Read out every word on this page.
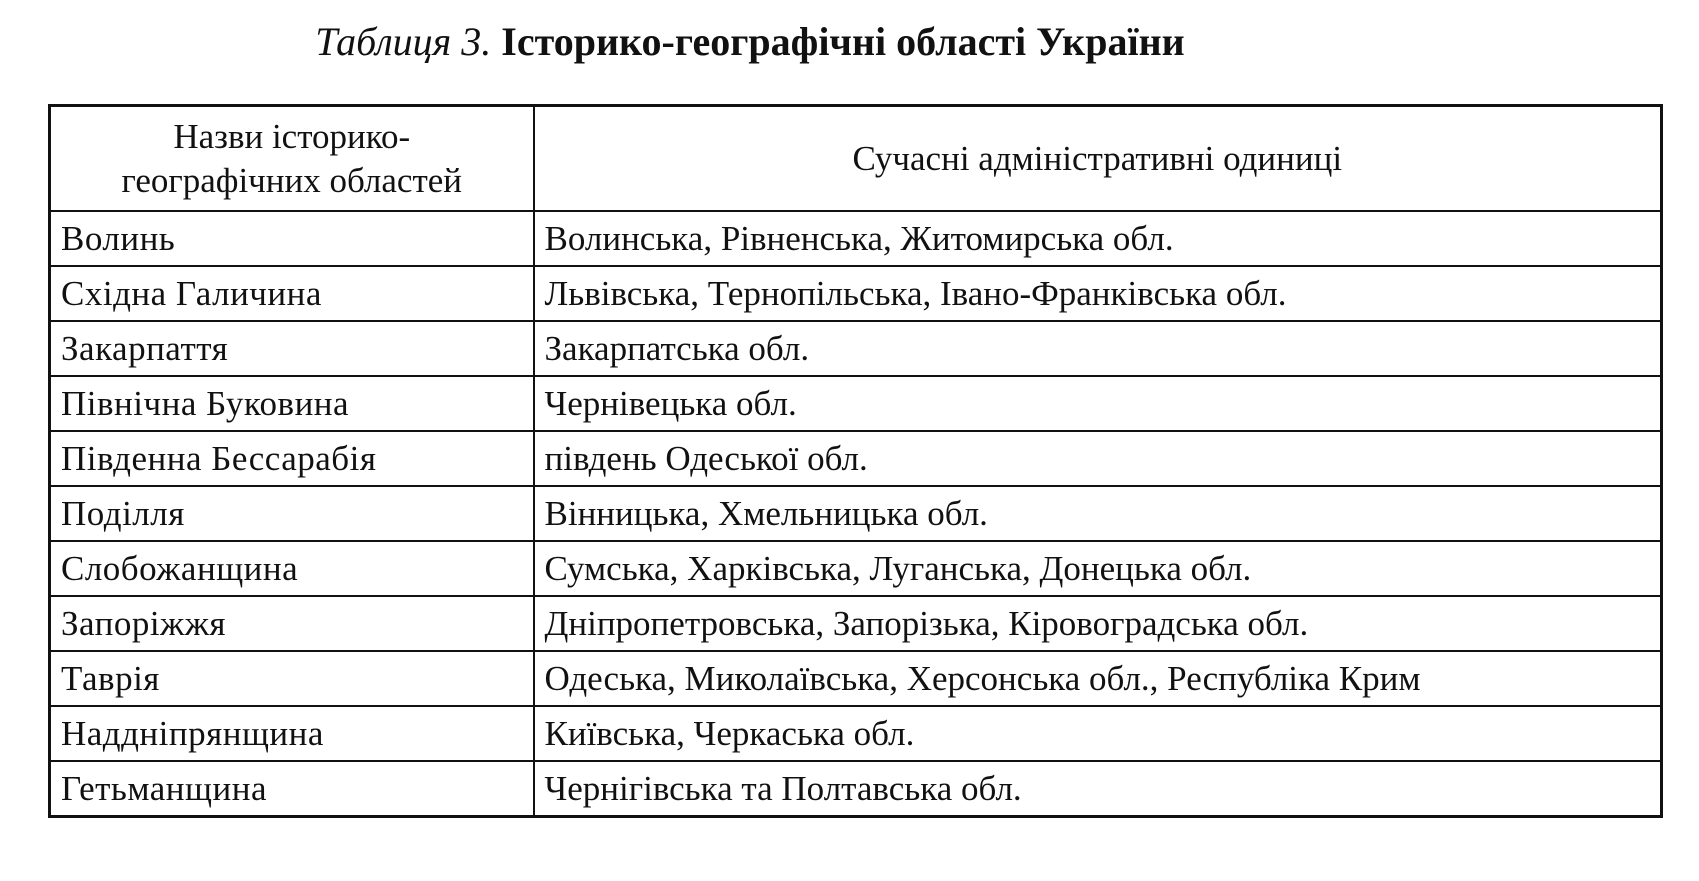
Таблиця 3. Історико-географічні області України
Назви історико-географічних областей	Сучасні адміністративні одиниці
Волинь	Волинська, Рівненська, Житомирська обл.
Східна Галичина	Львівська, Тернопільська, Івано-Франківська обл.
Закарпаття	Закарпатська обл.
Північна Буковина	Чернівецька обл.
Південна Бессарабія	південь Одеської обл.
Поділля	Вінницька, Хмельницька обл.
Слобожанщина	Сумська, Харківська, Луганська, Донецька обл.
Запоріжжя	Дніпропетровська, Запорізька, Кіровоградська обл.
Таврія	Одеська, Миколаївська, Херсонська обл., Республіка Крим
Наддніпрянщина	Київська, Черкаська обл.
Гетьманщина	Чернігівська та Полтавська обл.
